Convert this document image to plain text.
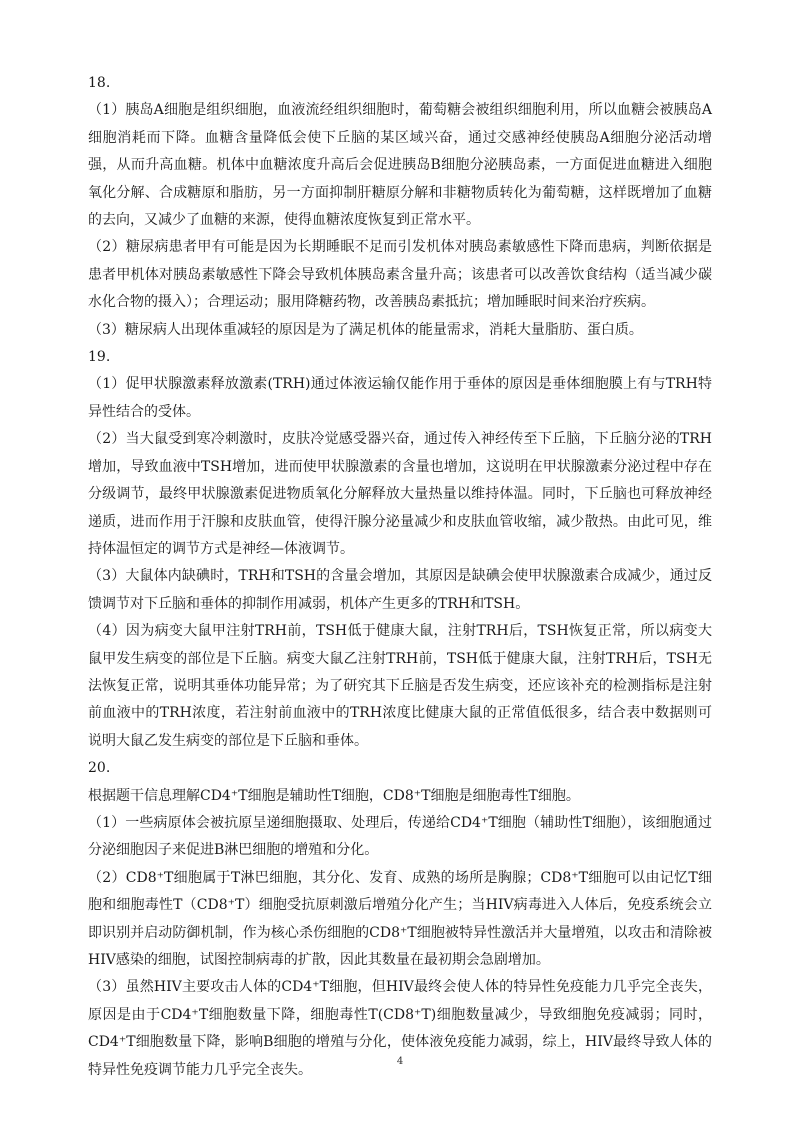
18.
（1）胰岛A细胞是组织细胞，血液流经组织细胞时，葡萄糖会被组织细胞利用，所以血糖会被胰岛A细胞消耗而下降。血糖含量降低会使下丘脑的某区域兴奋，通过交感神经使胰岛A细胞分泌活动增强，从而升高血糖。机体中血糖浓度升高后会促进胰岛B细胞分泌胰岛素，一方面促进血糖进入细胞氧化分解、合成糖原和脂肪，另一方面抑制肝糖原分解和非糖物质转化为葡萄糖，这样既增加了血糖的去向，又减少了血糖的来源，使得血糖浓度恢复到正常水平。
（2）糖尿病患者甲有可能是因为长期睡眠不足而引发机体对胰岛素敏感性下降而患病，判断依据是患者甲机体对胰岛素敏感性下降会导致机体胰岛素含量升高；该患者可以改善饮食结构（适当减少碳水化合物的摄入）；合理运动；服用降糖药物，改善胰岛素抵抗；增加睡眠时间来治疗疾病。
（3）糖尿病人出现体重减轻的原因是为了满足机体的能量需求，消耗大量脂肪、蛋白质。
19.
（1）促甲状腺激素释放激素(TRH)通过体液运输仅能作用于垂体的原因是垂体细胞膜上有与TRH特异性结合的受体。
（2）当大鼠受到寒冷刺激时，皮肤冷觉感受器兴奋，通过传入神经传至下丘脑，下丘脑分泌的TRH增加，导致血液中TSH增加，进而使甲状腺激素的含量也增加，这说明在甲状腺激素分泌过程中存在分级调节，最终甲状腺激素促进物质氧化分解释放大量热量以维持体温。同时，下丘脑也可释放神经递质，进而作用于汗腺和皮肤血管，使得汗腺分泌量减少和皮肤血管收缩，减少散热。由此可见，维持体温恒定的调节方式是神经—体液调节。
（3）大鼠体内缺碘时，TRH和TSH的含量会增加，其原因是缺碘会使甲状腺激素合成减少，通过反馈调节对下丘脑和垂体的抑制作用减弱，机体产生更多的TRH和TSH。
（4）因为病变大鼠甲注射TRH前，TSH低于健康大鼠，注射TRH后，TSH恢复正常，所以病变大鼠甲发生病变的部位是下丘脑。病变大鼠乙注射TRH前，TSH低于健康大鼠，注射TRH后，TSH无法恢复正常，说明其垂体功能异常；为了研究其下丘脑是否发生病变，还应该补充的检测指标是注射前血液中的TRH浓度，若注射前血液中的TRH浓度比健康大鼠的正常值低很多，结合表中数据则可说明大鼠乙发生病变的部位是下丘脑和垂体。
20.
根据题干信息理解CD4⁺T细胞是辅助性T细胞，CD8⁺T细胞是细胞毒性T细胞。
（1）一些病原体会被抗原呈递细胞摄取、处理后，传递给CD4⁺T细胞（辅助性T细胞），该细胞通过分泌细胞因子来促进B淋巴细胞的增殖和分化。
（2）CD8⁺T细胞属于T淋巴细胞，其分化、发育、成熟的场所是胸腺；CD8⁺T细胞可以由记忆T细胞和细胞毒性T（CD8⁺T）细胞受抗原刺激后增殖分化产生；当HIV病毒进入人体后，免疫系统会立即识别并启动防御机制，作为核心杀伤细胞的CD8⁺T细胞被特异性激活并大量增殖，以攻击和清除被HIV感染的细胞，试图控制病毒的扩散，因此其数量在最初期会急剧增加。
（3）虽然HIV主要攻击人体的CD4⁺T细胞，但HIV最终会使人体的特异性免疫能力几乎完全丧失，原因是由于CD4⁺T细胞数量下降，细胞毒性T(CD8⁺T)细胞数量减少，导致细胞免疫减弱；同时，CD4⁺T细胞数量下降，影响B细胞的增殖与分化，使体液免疫能力减弱，综上，HIV最终导致人体的特异性免疫调节能力几乎完全丧失。
4
